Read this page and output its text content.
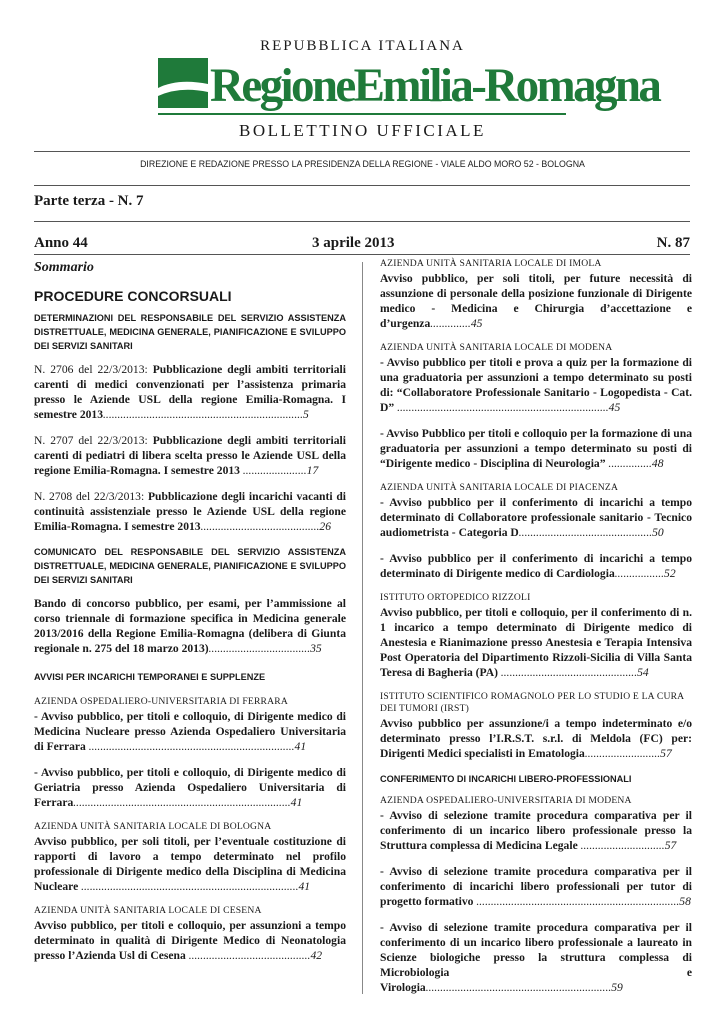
REPUBBLICA ITALIANA
RegioneEmilia-Romagna
BOLLETTINO UFFICIALE
DIREZIONE E REDAZIONE PRESSO LA PRESIDENZA DELLA REGIONE - VIALE ALDO MORO 52 - BOLOGNA
Parte terza - N. 7
Anno 44	3 aprile 2013	N. 87
Sommario
PROCEDURE CONCORSUALI
DETERMINAZIONI DEL RESPONSABILE DEL SERVIZIO ASSISTENZA DISTRETTUALE, MEDICINA GENERALE, PIANIFICAZIONE E SVILUPPO DEI SERVIZI SANITARI
N. 2706 del 22/3/2013: Pubblicazione degli ambiti territoriali carenti di medici convenzionati per l’assistenza primaria presso le Aziende USL della regione Emilia-Romagna. I semestre 2013.....................................................................5
N. 2707 del 22/3/2013: Pubblicazione degli ambiti territoriali carenti di pediatri di libera scelta presso le Aziende USL della regione Emilia-Romagna. I semestre 2013 ......................17
N. 2708 del 22/3/2013: Pubblicazione degli incarichi vacanti di continuità assistenziale presso le Aziende USL della regione Emilia-Romagna. I semestre 2013.........................................26
COMUNICATO DEL RESPONSABILE DEL SERVIZIO ASSISTENZA DISTRETTUALE, MEDICINA GENERALE, PIANIFICAZIONE E SVILUPPO DEI SERVIZI SANITARI
Bando di concorso pubblico, per esami, per l’ammissione al corso triennale di formazione specifica in Medicina generale 2013/2016 della Regione Emilia-Romagna (delibera di Giunta regionale n. 275 del 18 marzo 2013)...................................35
AVVISI PER INCARICHI TEMPORANEI E SUPPLENZE
AZIENDA OSPEDALIERO-UNIVERSITARIA DI FERRARA
- Avviso pubblico, per titoli e colloquio, di Dirigente medico di Medicina Nucleare presso Azienda Ospedaliero Universitaria di Ferrara .......................................................................41
- Avviso pubblico, per titoli e colloquio, di Dirigente medico di Geriatria presso Azienda Ospedaliero Universitaria di Ferrara...........................................................................41
AZIENDA UNITÀ SANITARIA LOCALE DI BOLOGNA
Avviso pubblico, per soli titoli, per l’eventuale costituzione di rapporti di lavoro a tempo determinato nel profilo professionale di Dirigente medico della Disciplina di Medicina Nucleare ...........................................................................41
AZIENDA UNITÀ SANITARIA LOCALE DI CESENA
Avviso pubblico, per titoli e colloquio, per assunzioni a tempo determinato in qualità di Dirigente Medico di Neonatologia presso l’Azienda Usl di Cesena ..........................................42
AZIENDA UNITÀ SANITARIA LOCALE DI IMOLA
Avviso pubblico, per soli titoli, per future necessità di assunzione di personale della posizione funzionale di Dirigente medico - Medicina e Chirurgia d’accettazione e d’urgenza..............45
AZIENDA UNITÀ SANITARIA LOCALE DI MODENA
- Avviso pubblico per titoli e prova a quiz per la formazione di una graduatoria per assunzioni a tempo determinato su posti di: “Collaboratore Professionale Sanitario - Logopedista - Cat. D” .........................................................................45
- Avviso Pubblico per titoli e colloquio per la formazione di una graduatoria per assunzioni a tempo determinato su posti di “Dirigente medico - Disciplina di Neurologia” ...............48
AZIENDA UNITÀ SANITARIA LOCALE DI PIACENZA
- Avviso pubblico per il conferimento di incarichi a tempo determinato di Collaboratore professionale sanitario - Tecnico audiometrista - Categoria D..............................................50
- Avviso pubblico per il conferimento di incarichi a tempo determinato di Dirigente medico di Cardiologia.................52
ISTITUTO ORTOPEDICO RIZZOLI
Avviso pubblico, per titoli e colloquio, per il conferimento di n. 1 incarico a tempo determinato di Dirigente medico di Anestesia e Rianimazione presso Anestesia e Terapia Intensiva Post Operatoria del Dipartimento Rizzoli-Sicilia di Villa Santa Teresa di Bagheria (PA) ...............................................54
ISTITUTO SCIENTIFICO ROMAGNOLO PER LO STUDIO E LA CURA DEI TUMORI (IRST)
Avviso pubblico per assunzione/i a tempo indeterminato e/o determinato presso l’I.R.S.T. s.r.l. di Meldola (FC) per: Dirigenti Medici specialisti in Ematologia..........................57
CONFERIMENTO DI INCARICHI LIBERO-PROFESSIONALI
AZIENDA OSPEDALIERO-UNIVERSITARIA DI MODENA
- Avviso di selezione tramite procedura comparativa per il conferimento di un incarico libero professionale presso la Struttura complessa di Medicina Legale .............................57
- Avviso di selezione tramite procedura comparativa per il conferimento di incarichi libero professionali per tutor di progetto formativo ......................................................................58
- Avviso di selezione tramite procedura comparativa per il conferimento di un incarico libero professionale a laureato in Scienze biologiche presso la struttura complessa di Microbiologia e Virologia................................................................59
